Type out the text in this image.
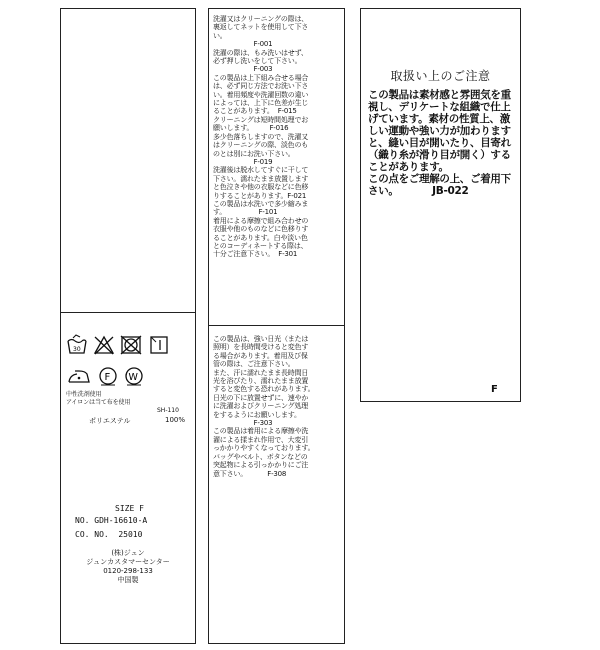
30
F W
中性洗剤使用
アイロンは当て布を使用
SH-110
ポリエステル	100%
SIZE F
NO. GDH-16610-A
CO. NO.  25010
(株)ジュン
ジュンカスタマーセンター
0120-298-133
中国製
洗濯又はクリーニングの際は、
裏返してネットを使用して下さ
い。
F-001
洗濯の際は、もみ洗いはせず、
必ず押し洗いをして下さい。
F-003
この製品は上下組み合せる場合
は、必ず同じ方法でお洗い下さ
い。着用頻度や洗濯回数の違い
によっては、上下に色差が生じ
ることがあります。  F-015
クリーニングは短時間処理でお
願いします。        F-016
多少色落ちしますので、洗濯又
はクリーニングの際、淡色のも
のとは別にお洗い下さい。
F-019
洗濯後は脱水してすぐに干して
下さい。濡れたまま放置します
と色泣きや他の衣服などに色移
りすることがあります。F-021
この製品は水洗いで多少縮みま
す。                F-101
着用による摩擦で組み合わせの
衣服や他のものなどに色移りす
ることがあります。白や淡い色
とのコーディネートする際は、
十分ご注意下さい。  F-301
この製品は、強い日光（または
照明）を長時間受けると変色す
る場合があります。着用及び保
管の際は、ご注意下さい。
また、汗に濡れたまま長時間日
光を浴びたり、濡れたまま放置
すると変色する恐れがあります。
日光の下に放置せずに、速やか
に洗濯およびクリーニング処理
をするようにお願いします。
F-303
この製品は着用による摩擦や洗
濯による揉まれ作用で、大変引
っかかりやすくなっております。
バッグやベルト、ボタンなどの
突起物による引っかかりにご注
意下さい。          F-308
取扱い上のご注意
この製品は素材感と雰囲気を重
視し、デリケートな組織で仕上
げています。素材の性質上、激
しい運動や強い力が加わります
と、縫い目が開いたり、目寄れ
（織り糸が滑り目が開く）する
ことがあります。
この点をご理解の上、ご着用下
さい。          JB-022
F
